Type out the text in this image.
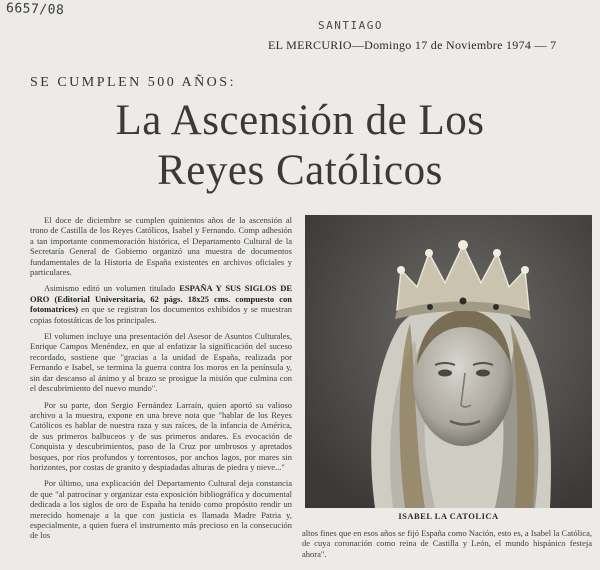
6657/08
SANTIAGO
EL MERCURIO—Domingo 17 de Noviembre 1974 — 7
SE CUMPLEN 500 AÑOS:
La Ascensión de Los
Reyes Católicos

El doce de diciembre se cumplen quinientos años de la ascensión al trono de Castilla de los Reyes Católicos, Isabel y Fernando. Comp adhesión a tan importante conmemoración histórica, el Departamento Cultural de la Secretaría General de Gobierno organizó una muestra de documentos fundamentales de la Historia de España existentes en archivos oficiales y particulares.

Asimismo editó un volumen titulado ESPAÑA Y SUS SIGLOS DE ORO (Editorial Universitaria, 62 págs. 18x25 cms. compuesto con fotomatrices) en que se registran los documentos exhibidos y se muestran copias fotostáticas de los principales.

El volumen incluye una presentación del Asesor de Asuntos Culturales, Enrique Campos Menéndez, en que al enfatizar la significación del suceso recordado, sostiene que "gracias a la unidad de España, realizada por Fernando e Isabel, se termina la guerra contra los moros en la península y, sin dar descanso al ánimo y al brazo se prosigue la misión que culmina con el descubrimiento del nuevo mundo".

Por su parte, don Sergio Fernández Larraín, quien aportó su valioso archivo a la muestra, expone en una breve nota que "hablar de los Reyes Católicos es hablar de nuestra raza y sus raíces, de la infancia de América, de sus primeros balbuceos y de sus primeros andares. Es evocación de Conquista y descubrimientos, paso de la Cruz por umbrosos y apretados bosques, por ríos profundos y torrentosos, por anchos lagos, por mares sin horizontes, por costas de granito y despiadadas alturas de piedra y nieve..."

Por último, una explicación del Departamento Cultural deja constancia de que "al patrocinar y organizar esta exposición bibliográfica y documental dedicada a los siglos de oro de España ha tenido como propósito rendir un merecido homenaje a la que con justicia es llamada Madre Patria y, especialmente, a quien fuera el instrumento más precioso en la consecución de los

ISABEL LA CATOLICA
altos fines que en esos años se fijó España como Nación, esto es, a Isabel la Católica, de cuya coronación como reina de Castilla y León, el mundo hispánico festeja ahora".
